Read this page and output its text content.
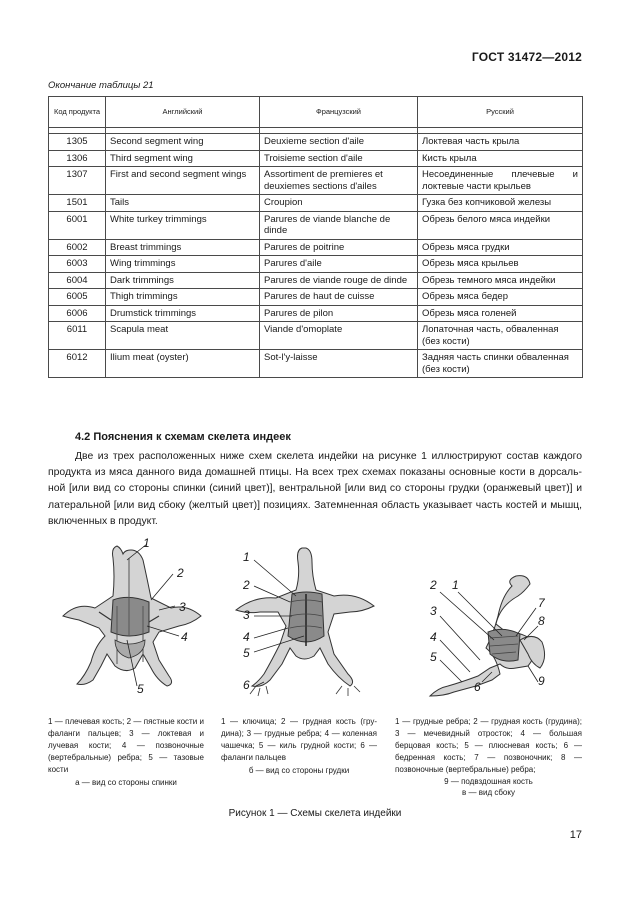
ГОСТ 31472—2012
Окончание таблицы 21
Код продукта	Английский	Французский	Русский

1305	Second segment wing	Deuxieme section d'aile	Локтевая часть крыла
1306	Third segment wing	Troisieme section d'aile	Кисть крыла
1307	First and second segment wings	Assortiment de premieres et deuxiemes sections d'ailes	Несоединенные плечевые и локтевые части крыльев
1501	Tails	Croupion	Гузка без копчиковой железы
6001	White turkey trimmings	Parures de viande blanche de dinde	Обрезь белого мяса индейки
6002	Breast trimmings	Parures de poitrine	Обрезь мяса грудки
6003	Wing trimmings	Parures d'aile	Обрезь мяса крыльев
6004	Dark trimmings	Parures de viande rouge de dinde	Обрезь темного мяса индейки
6005	Thigh trimmings	Parures de haut de cuisse	Обрезь мяса бедер
6006	Drumstick trimmings	Parures de pilon	Обрезь мяса голеней
6011	Scapula meat	Viande d'omoplate	Лопаточная часть, обваленная (без кости)
6012	Ilium meat (oyster)	Sot-l'y-laisse	Задняя часть спинки обваленная (без кости)
4.2 Пояснения к схемам скелета индеек
Две из трех расположенных ниже схем скелета индейки на рисунке 1 иллюстрируют состав каждого продукта из мяса данного вида домашней птицы. На всех трех схемах показаны основные кости в дорсальной [или вид со стороны спинки (синий цвет)], вентральной [или вид со стороны грудки (оранжевый цвет)] и латеральной [или вид сбоку (желтый цвет)] позициях. Затемненная область указывает часть костей и мышц, включенных в продукт.
1
2
3
4
5
1
2
3
4
5
6
2 1
3
4
5
6
7
8
9
1 — плечевая кость; 2 — пястные кости и фаланги пальцев; 3 — локтевая и лучевая кости; 4 — позвоночные (вертебральные) ребра; 5 — тазовые кости
а — вид со стороны спинки
1 — ключица; 2 — грудная кость (грудина); 3 — грудные ребра; 4 — коленная чашечка; 5 — киль грудной кости; 6 — фаланги пальцев
б — вид со стороны грудки
1 — грудные ребра; 2 — грудная кость (грудина); 3 — мечевидный отросток; 4 — большая берцовая кость; 5 — плюсневая кость; 6 — бедренная кость; 7 — позвоночник; 8 — позвоночные (вертебральные) ребра;
9 — подвздошная кость
в — вид сбоку
Рисунок 1 — Схемы скелета индейки
17
